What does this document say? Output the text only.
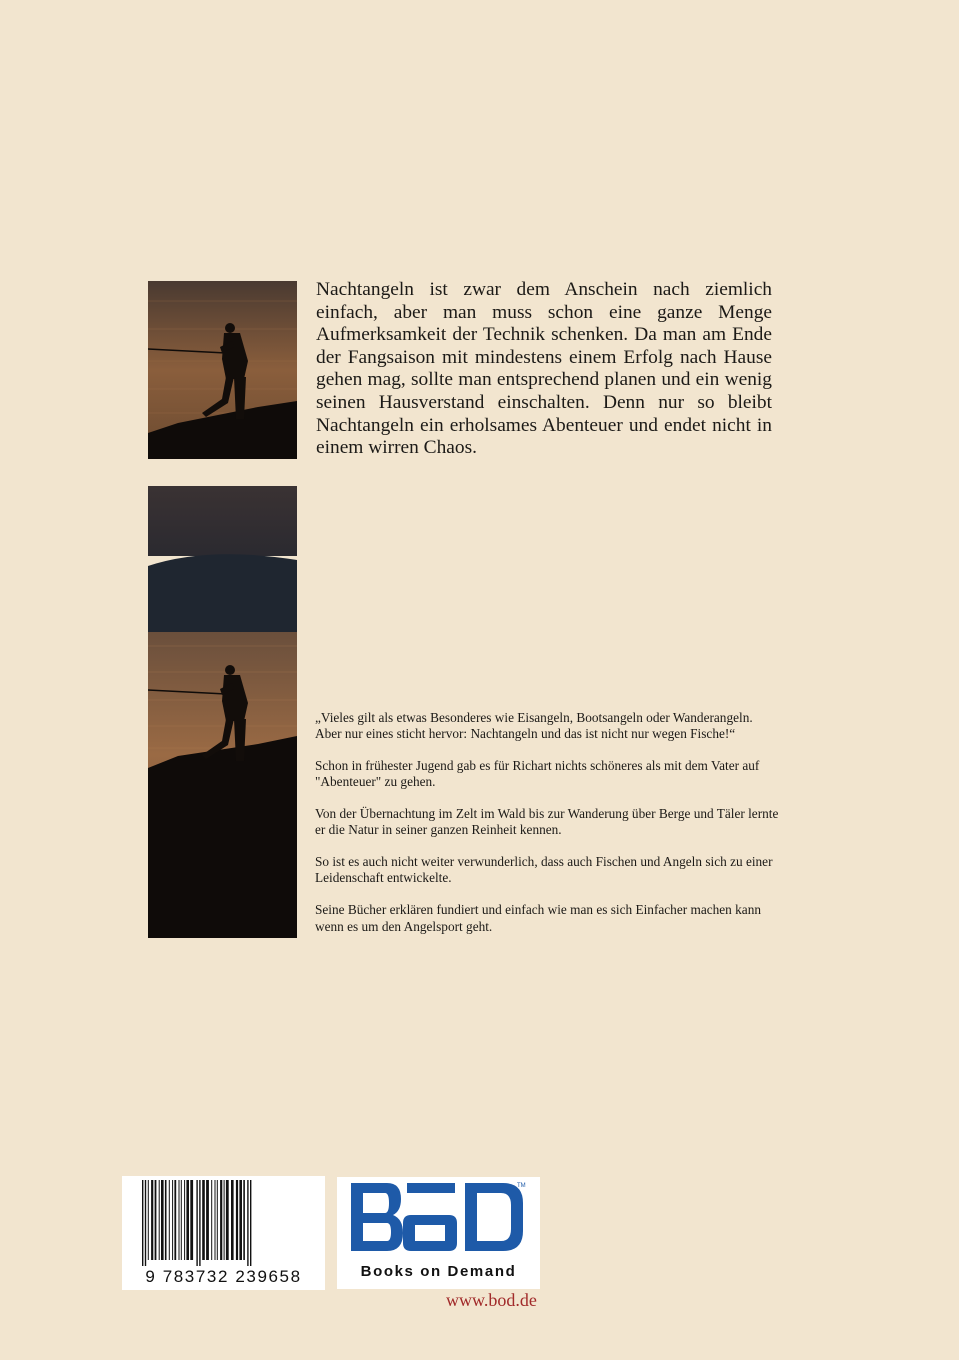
Nachtangeln ist zwar dem Anschein nach ziemlich einfach, aber man muss schon eine ganze Menge Aufmerksamkeit der Technik schenken. Da man am Ende der Fangsaison mit mindestens einem Erfolg nach Hause gehen mag, sollte man entsprechend planen und ein wenig seinen Hausverstand einschalten. Denn nur so bleibt Nachtangeln ein erholsames Abenteuer und endet nicht in einem wirren Chaos.

„Vieles gilt als etwas Besonderes wie Eisangeln, Bootsangeln oder Wanderangeln. Aber nur eines sticht hervor: Nachtangeln und das ist nicht nur wegen Fische!“

Schon in frühester Jugend gab es für Richart nichts schöneres als mit dem Vater auf "Abenteuer" zu gehen.

Von der Übernachtung im Zelt im Wald bis zur Wanderung über Berge und Täler lernte er die Natur in seiner ganzen Reinheit kennen.

So ist es auch nicht weiter verwunderlich, dass auch Fischen und Angeln sich zu einer Leidenschaft entwickelte.

Seine Bücher erklären fundiert und einfach wie man es sich Einfacher machen kann wenn es um den Angelsport geht.

9 783732 239658
TM
Books on Demand
www.bod.de
